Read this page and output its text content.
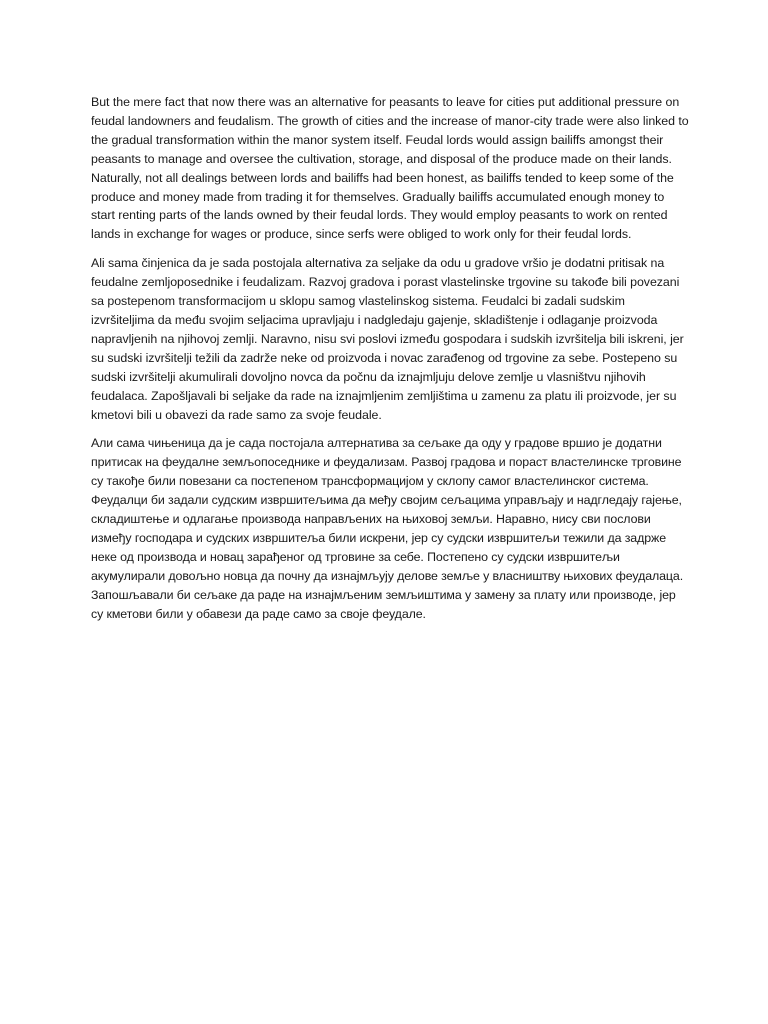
But the mere fact that now there was an alternative for peasants to leave for cities put additional pressure on feudal landowners and feudalism. The growth of cities and the increase of manor-city trade were also linked to the gradual transformation within the manor system itself. Feudal lords would assign bailiffs amongst their peasants to manage and oversee the cultivation, storage, and disposal of the produce made on their lands. Naturally, not all dealings between lords and bailiffs had been honest, as bailiffs tended to keep some of the produce and money made from trading it for themselves. Gradually bailiffs accumulated enough money to start renting parts of the lands owned by their feudal lords. They would employ peasants to work on rented lands in exchange for wages or produce, since serfs were obliged to work only for their feudal lords.

Ali sama činjenica da je sada postojala alternativa za seljake da odu u gradove vršio je dodatni pritisak na feudalne zemljoposednike i feudalizam. Razvoj gradova i porast vlastelinske trgovine su takođe bili povezani sa postepenom transformacijom u sklopu samog vlastelinskog sistema. Feudalci bi zadali sudskim izvršiteljima da među svojim seljacima upravljaju i nadgledaju gajenje, skladištenje i odlaganje proizvoda napravljenih na njihovoj zemlji. Naravno, nisu svi poslovi između gospodara i sudskih izvršitelja bili iskreni, jer su sudski izvršitelji težili da zadrže neke od proizvoda i novac zarađenog od trgovine za sebe. Postepeno su sudski izvršitelji akumulirali dovoljno novca da počnu da iznajmljuju delove zemlje u vlasništvu njihovih feudalaca. Zapošljavali bi seljake da rade na iznajmljenim zemljištima u zamenu za platu ili proizvode, jer su kmetovi bili u obavezi da rade samo za svoje feudale.

Али сама чињеница да је сада постојала алтернатива за сељаке да оду у градове вршио је додатни притисак на феудалне земљопоседнике и феудализам. Развој градова и пораст властелинске трговине су такође били повезани са постепеном трансформацијом у склопу самог властелинског система. Феудалци би задали судским извршитељима да међу својим сељацима управљају и надгледају гајење, складиштење и одлагање производа направљених на њиховој земљи. Наравно, нису сви послови између господара и судских извршитеља били искрени, јер су судски извршитељи тежили да задрже неке од производа и новац зарађеног од трговине за себе. Постепено су судски извршитељи акумулирали довољно новца да почну да изнајмљују делове земље у власништву њихових феудалаца. Запошљавали би сељаке да раде на изнајмљеним земљиштима у замену за плату или производе, јер су кметови били у обавези да раде само за своје феудале.
